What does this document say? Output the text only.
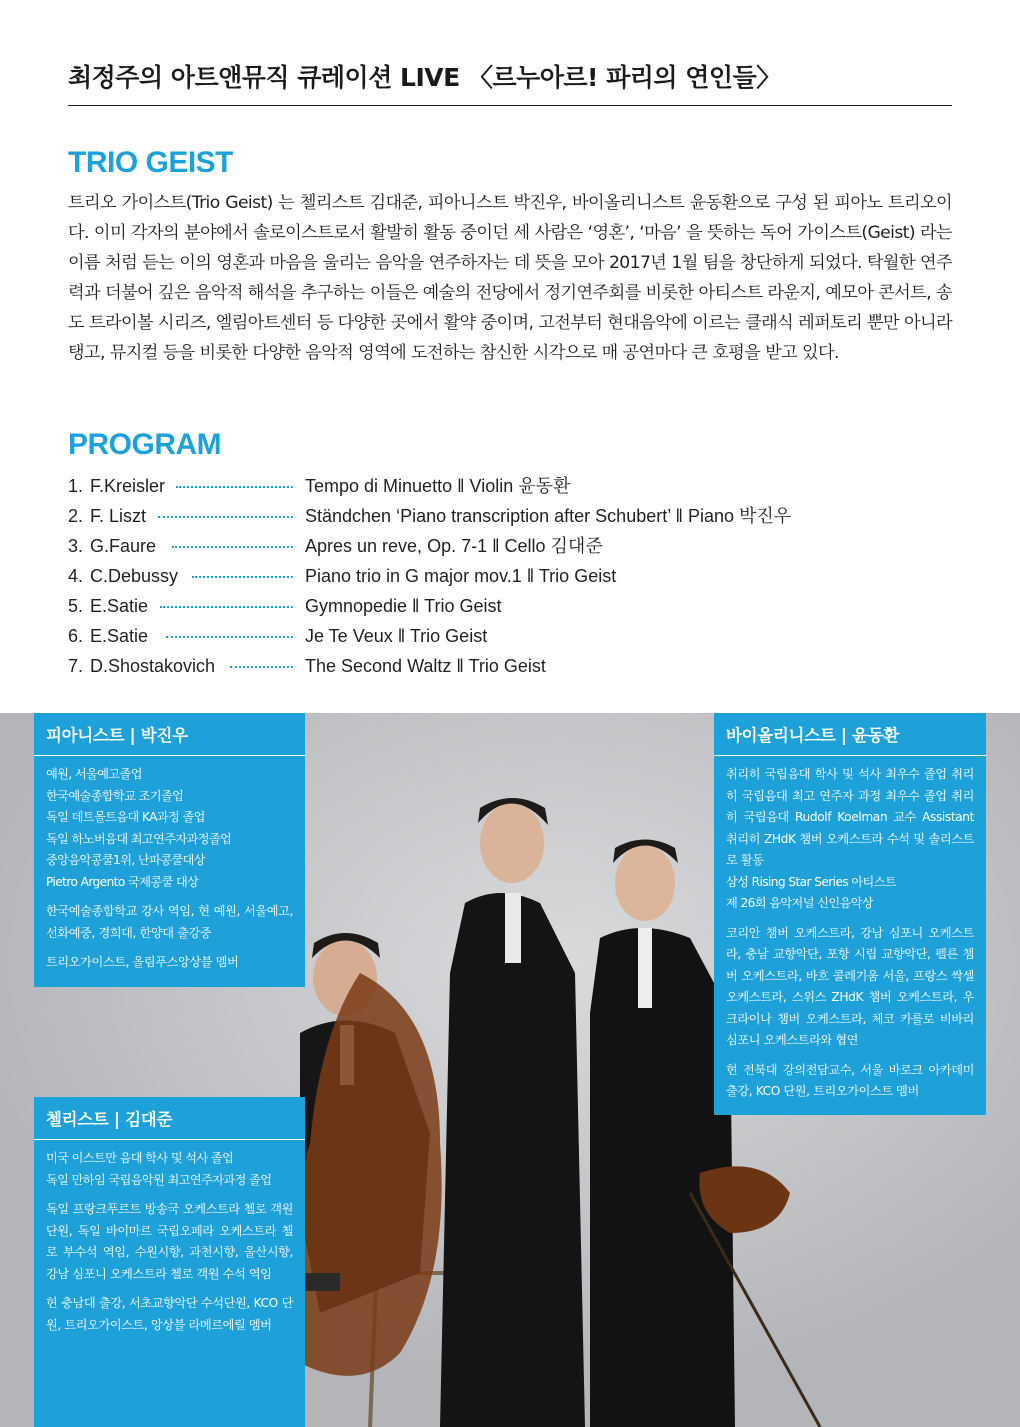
최정주의 아트앤뮤직 큐레이션 LIVE 〈르누아르! 파리의 연인들〉
TRIO GEIST
트리오 가이스트(Trio Geist) 는 첼리스트 김대준, 피아니스트 박진우, 바이올리니스트 윤동환으로 구성 된 피아노 트리오이다. 이미 각자의 분야에서 솔로이스트로서 활발히 활동 중이던 세 사람은 ‘영혼’, ‘마음’ 을 뜻하는 독어 가이스트(Geist) 라는 이름 처럼 듣는 이의 영혼과 마음을 울리는 음악을 연주하자는 데 뜻을 모아 2017년 1월 팀을 창단하게 되었다. 탁월한 연주력과 더불어 깊은 음악적 해석을 추구하는 이들은 예술의 전당에서 정기연주회를 비롯한 아티스트 라운지, 예모아 콘서트, 송도 트라이볼 시리즈, 엘림아트센터 등 다양한 곳에서 활약 중이며, 고전부터 현대음악에 이르는 클래식 레퍼토리 뿐만 아니라 탱고, 뮤지컬 등을 비롯한 다양한 음악적 영역에 도전하는 참신한 시각으로 매 공연마다 큰 호평을 받고 있다.
PROGRAM
1. F.Kreisler	Tempo di Minuetto ‖ Violin 윤동환
2. F. Liszt	Ständchen ‘Piano transcription after Schubert’ ‖ Piano 박진우
3. G.Faure	Apres un reve, Op. 7-1 ‖ Cello 김대준
4. C.Debussy	Piano trio in G major mov.1 ‖ Trio Geist
5. E.Satie	Gymnopedie ‖ Trio Geist
6. E.Satie	Je Te Veux ‖ Trio Geist
7. D.Shostakovich	The Second Waltz ‖ Trio Geist
피아니스트 | 박진우
예원, 서울예고졸업
한국예술종합학교 조기졸업
독일 데트몰트음대 KA과정 졸업
독일 하노버음대 최고연주자과정졸업
중앙음악콩쿨1위, 난파콩쿨대상
Pietro Argento 국제콩쿨 대상
한국예술종합학교 강사 역임, 현 예원, 서울예고, 선화예중, 경희대, 한양대 출강중
트리오가이스트, 올림푸스앙상블 멤버
바이올리니스트 | 윤동환
취리히 국립음대 학사 및 석사 최우수 졸업 취리히 국립음대 최고 연주자 과정 최우수 졸업 취리히 국립음대 Rudolf Koelman 교수 Assistant 취리히 ZHdK 챔버 오케스트라 수석 및 솔리스트로 활동
삼성 Rising Star Series 아티스트
제 26회 음악저널 신인음악상
코리안 챔버 오케스트라, 강남 심포니 오케스트라, 충남 교향악단, 포항 시립 교향악단, 펠른 챔버 오케스트라, 바흐 콜레기움 서울, 프랑스 싹셀 오케스트라, 스위스 ZHdK 챔버 오케스트라, 우크라이나 챔버 오케스트라, 체코 카를로 비바리 심포니 오케스트라와 협연
현 전북대 강의전담교수, 서울 바로크 아카데미 출강, KCO 단원, 트리오가이스트 멤버
첼리스트 | 김대준
미국 이스트만 음대 학사 및 석사 졸업
독일 만하임 국립음악원 최고연주자과정 졸업
독일 프랑크푸르트 방송국 오케스트라 첼로 객원단원, 독일 바이마르 국립오페라 오케스트라 첼로 부수석 역임, 수원시향, 과천시향, 울산시향, 강남 심포니 오케스트라 첼로 객원 수석 역임
현 충남대 출강, 서초교향악단 수석단원, KCO 단원, 트리오가이스트, 앙상블 라메르에릴 멤버
